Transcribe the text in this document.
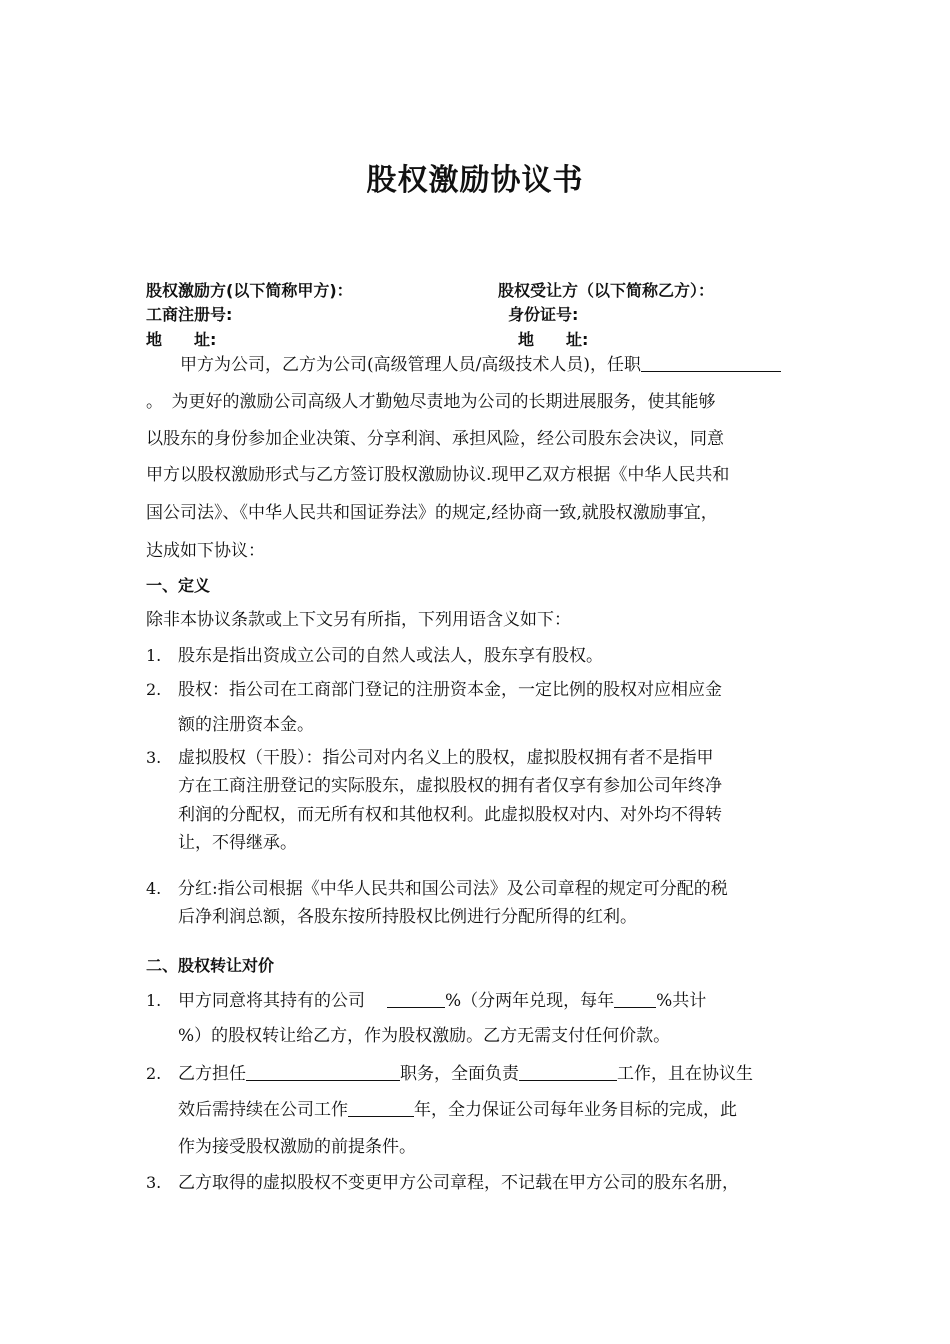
股权激励协议书
股权激励方(以下简称甲方)：	股权受让方（以下简称乙方）：
工商注册号:	身份证号:
地　　址:	地　　址:
甲方为公司，乙方为公司(高级管理人员/高级技术人员)，任职
。　为更好的激励公司高级人才勤勉尽责地为公司的长期进展服务，使其能够
以股东的身份参加企业决策、分享利润、承担风险，经公司股东会决议，同意
甲方以股权激励形式与乙方签订股权激励协议.现甲乙双方根据《中华人民共和
国公司法》、《中华人民共和国证券法》的规定,经协商一致,就股权激励事宜，
达成如下协议：
一、定义
除非本协议条款或上下文另有所指，下列用语含义如下：
1. 股东是指出资成立公司的自然人或法人，股东享有股权。
2. 股权：指公司在工商部门登记的注册资本金，一定比例的股权对应相应金
额的注册资本金。
3. 虚拟股权（干股）：指公司对内名义上的股权，虚拟股权拥有者不是指甲
方在工商注册登记的实际股东，虚拟股权的拥有者仅享有参加公司年终净
利润的分配权，而无所有权和其他权利。此虚拟股权对内、对外均不得转
让，不得继承。
4. 分红:指公司根据《中华人民共和国公司法》及公司章程的规定可分配的税
后净利润总额，各股东按所持股权比例进行分配所得的红利。
二、股权转让对价
1. 甲方同意将其持有的公司	%（分两年兑现，每年 %共计
%）的股权转让给乙方，作为股权激励。乙方无需支付任何价款。
2. 乙方担任	职务，全面负责	工作，且在协议生
效后需持续在公司工作	年，全力保证公司每年业务目标的完成，此
作为接受股权激励的前提条件。
3. 乙方取得的虚拟股权不变更甲方公司章程，不记载在甲方公司的股东名册，
